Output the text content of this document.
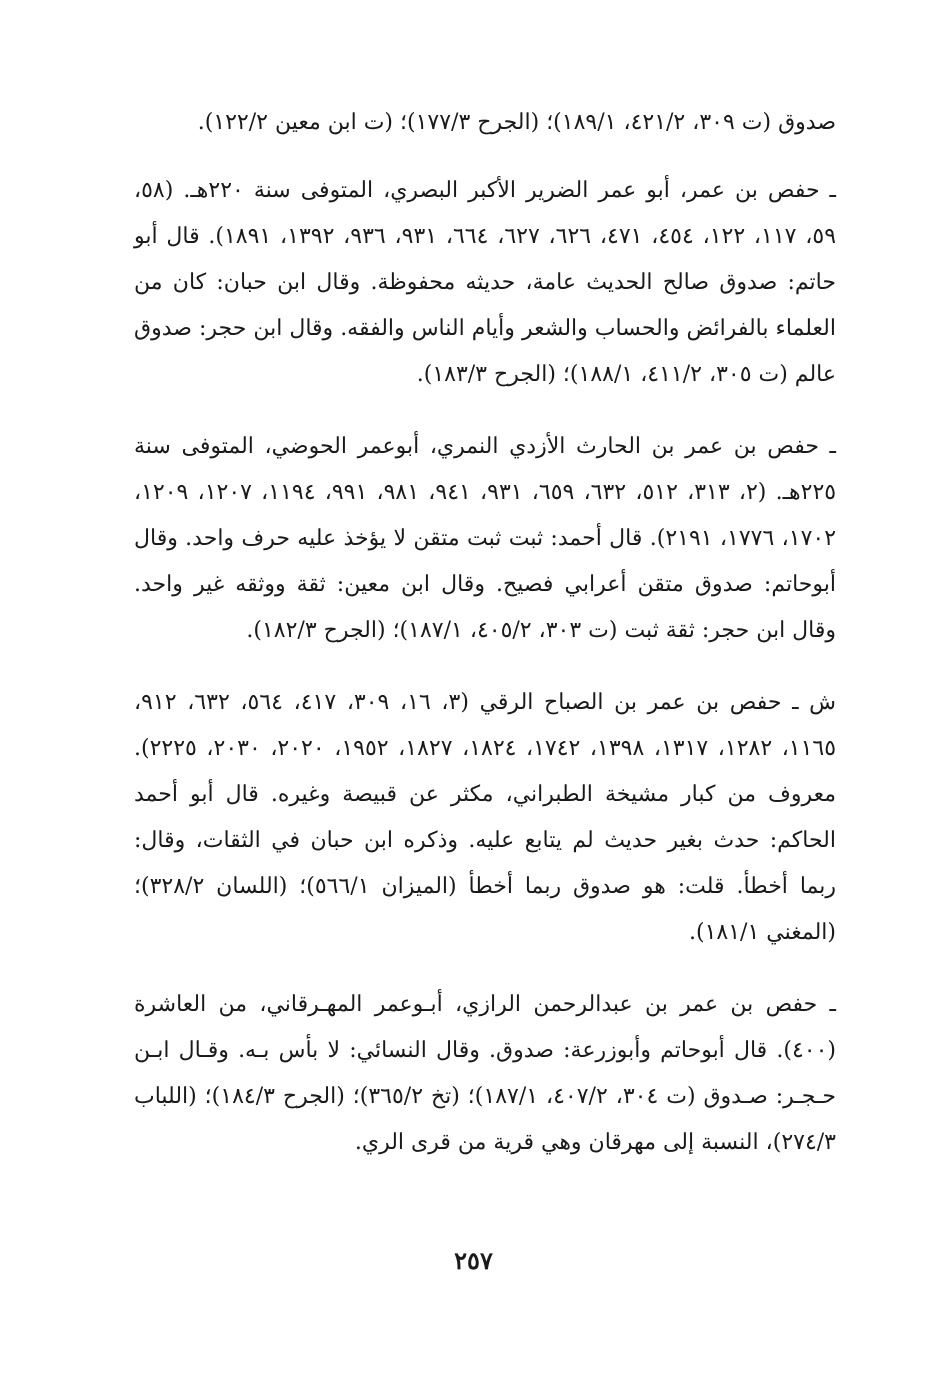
صدوق (ت ٣٠٩، ٤٢١/٢، ١٨٩/١)؛ (الجرح ١٧٧/٣)؛ (ت ابن معين ١٢٢/٢).

ـ حفص بن عمر، أبو عمر الضرير الأكبر البصري، المتوفى سنة ٢٢٠هـ. (٥٨، ٥٩، ١١٧، ١٢٢، ٤٥٤، ٤٧١، ٦٢٦، ٦٢٧، ٦٦٤، ٩٣١، ٩٣٦، ١٣٩٢، ١٨٩١). قال أبو حاتم: صدوق صالح الحديث عامة، حديثه محفوظة. وقال ابن حبان: كان من العلماء بالفرائض والحساب والشعر وأيام الناس والفقه. وقال ابن حجر: صدوق عالم (ت ٣٠٥، ٤١١/٢، ١٨٨/١)؛ (الجرح ١٨٣/٣).

ـ حفص بن عمر بن الحارث الأزدي النمري، أبوعمر الحوضي، المتوفى سنة ٢٢٥هـ. (٢، ٣١٣، ٥١٢، ٦٣٢، ٦٥٩، ٩٣١، ٩٤١، ٩٨١، ٩٩١، ١١٩٤، ١٢٠٧، ١٢٠٩، ١٧٠٢، ١٧٧٦، ٢١٩١). قال أحمد: ثبت ثبت متقن لا يؤخذ عليه حرف واحد. وقال أبوحاتم: صدوق متقن أعرابي فصيح. وقال ابن معين: ثقة ووثقه غير واحد. وقال ابن حجر: ثقة ثبت (ت ٣٠٣، ٤٠٥/٢، ١٨٧/١)؛ (الجرح ١٨٢/٣).

ش ـ حفص بن عمر بن الصباح الرقي (٣، ١٦، ٣٠٩، ٤١٧، ٥٦٤، ٦٣٢، ٩١٢، ١١٦٥، ١٢٨٢، ١٣١٧، ١٣٩٨، ١٧٤٢، ١٨٢٤، ١٨٢٧، ١٩٥٢، ٢٠٢٠، ٢٠٣٠، ٢٢٢٥). معروف من كبار مشيخة الطبراني، مكثر عن قبيصة وغيره. قال أبو أحمد الحاكم: حدث بغير حديث لم يتابع عليه. وذكره ابن حبان في الثقات، وقال: ربما أخطأ. قلت: هو صدوق ربما أخطأ (الميزان ٥٦٦/١)؛ (اللسان ٣٢٨/٢)؛ (المغني ١٨١/١).

ـ حفص بن عمر بن عبدالرحمن الرازي، أبـوعمر المهـرقاني، من العاشرة (٤٠٠). قال أبوحاتم وأبوزرعة: صدوق. وقال النسائي: لا بأس بـه. وقـال ابـن حـجـر: صـدوق (ت ٣٠٤، ٤٠٧/٢، ١٨٧/١)؛ (تخ ٣٦٥/٢)؛ (الجرح ١٨٤/٣)؛ (اللباب ٢٧٤/٣)، النسبة إلى مهرقان وهي قرية من قرى الري.

٢٥٧
